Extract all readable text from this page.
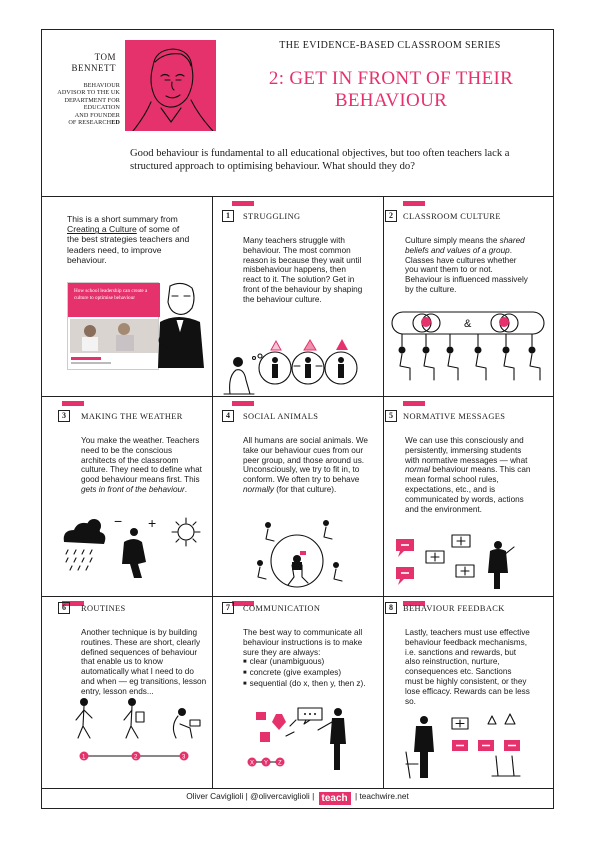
TOM
BENNETT
BEHAVIOUR
ADVISOR TO THE UK
DEPARTMENT FOR
EDUCATION
AND FOUNDER
OF RESEARCHED
THE EVIDENCE-BASED CLASSROOM SERIES
2: GET IN FRONT OF THEIR
BEHAVIOUR
Good behaviour is fundamental to all educational objectives, but too often teachers lack a structured approach to optimising behaviour. What should they do?
This is a short summary from Creating a Culture of some of the best strategies teachers and leaders need, to improve behaviour.
How school leadership can create a culture to optimise behaviour
1	STRUGGLING
Many teachers struggle with behaviour. The most common reason is because they wait until misbehaviour happens, then react to it. The solution? Get in front of the behaviour by shaping the behaviour culture.
2	CLASSROOM CULTURE
Culture simply means the shared beliefs and values of a group. Classes have cultures whether you want them to or not. Behaviour is influenced massively by the culture.
&
3	MAKING THE WEATHER
You make the weather. Teachers need to be the conscious architects of the classroom culture. They need to define what good behaviour means first. This gets in front of the behaviour.
− +
4	SOCIAL ANIMALS
All humans are social animals. We take our behaviour cues from our peer group, and those around us. Unconsciously, we try to fit in, to conform. We often try to behave normally (for that culture).
5	NORMATIVE MESSAGES
We can use this consciously and persistently, immersing students with normative messages — what normal behaviour means. This can mean formal school rules, expectations, etc., and is communicated by words, actions and the environment.
6	ROUTINES
Another technique is by building routines. These are short, clearly defined sequences of behaviour that enable us to know automatically what I need to do and when — eg transitions, lesson entry, lesson ends...
1	2	3
7	COMMUNICATION
The best way to communicate all behaviour instructions is to make sure they are always:
■ clear (unambiguous)
■ concrete (give examples)
■ sequential (do x, then y, then z).
X Y Z
8	BEHAVIOUR FEEDBACK
Lastly, teachers must use effective behaviour feedback mechanisms, i.e. sanctions and rewards, but also reinstruction, nurture, consequences etc. Sanctions must be highly consistent, or they lose efficacy. Rewards can be less so.
Oliver Caviglioli | @olivercaviglioli | teach | teachwire.net
